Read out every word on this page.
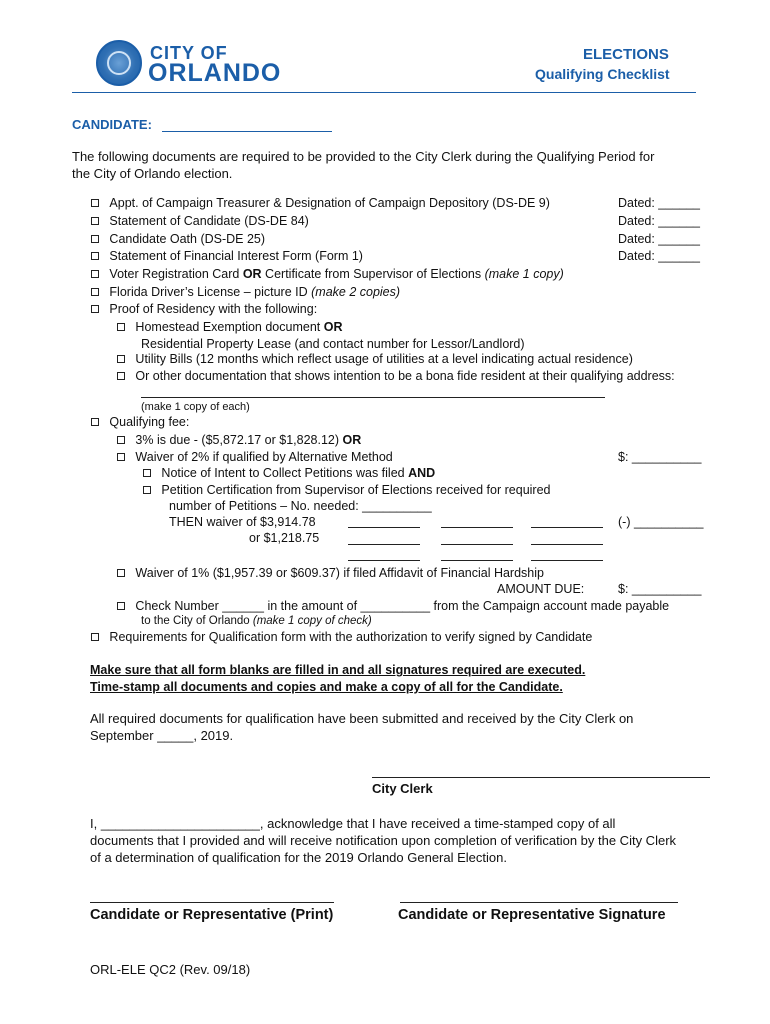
CITY OF
ORLANDO
ELECTIONS
Qualifying Checklist
CANDIDATE:
The following documents are required to be provided to the City Clerk during the Qualifying Period for
the City of Orlando election.
Appt. of Campaign Treasurer & Designation of Campaign Depository (DS-DE 9)	Dated: ______
Statement of Candidate (DS-DE 84)	Dated: ______
Candidate Oath (DS-DE 25)	Dated: ______
Statement of Financial Interest Form (Form 1)	Dated: ______
Voter Registration Card OR Certificate from Supervisor of Elections (make 1 copy)
Florida Driver’s License – picture ID (make 2 copies)
Proof of Residency with the following:
Homestead Exemption document OR
Residential Property Lease (and contact number for Lessor/Landlord)
Utility Bills (12 months which reflect usage of utilities at a level indicating actual residence)
Or other documentation that shows intention to be a bona fide resident at their qualifying address:
(make 1 copy of each)
Qualifying fee:
3% is due - ($5,872.17 or $1,828.12) OR
Waiver of 2% if qualified by Alternative Method	$: __________
Notice of Intent to Collect Petitions was filed AND
Petition Certification from Supervisor of Elections received for required
number of Petitions – No. needed: __________
THEN waiver of $3,914.78	(-) __________
or $1,218.75
Waiver of 1% ($1,957.39 or $609.37) if filed Affidavit of Financial Hardship
AMOUNT DUE:	$: __________
Check Number ______ in the amount of __________ from the Campaign account made payable
to the City of Orlando (make 1 copy of check)
Requirements for Qualification form with the authorization to verify signed by Candidate
Make sure that all form blanks are filled in and all signatures required are executed.
Time-stamp all documents and copies and make a copy of all for the Candidate.
All required documents for qualification have been submitted and received by the City Clerk on
September _____, 2019.
City Clerk
I, ______________________, acknowledge that I have received a time-stamped copy of all
documents that I provided and will receive notification upon completion of verification by the City Clerk
of a determination of qualification for the 2019 Orlando General Election.
Candidate or Representative (Print)	Candidate or Representative Signature
ORL-ELE QC2 (Rev. 09/18)
